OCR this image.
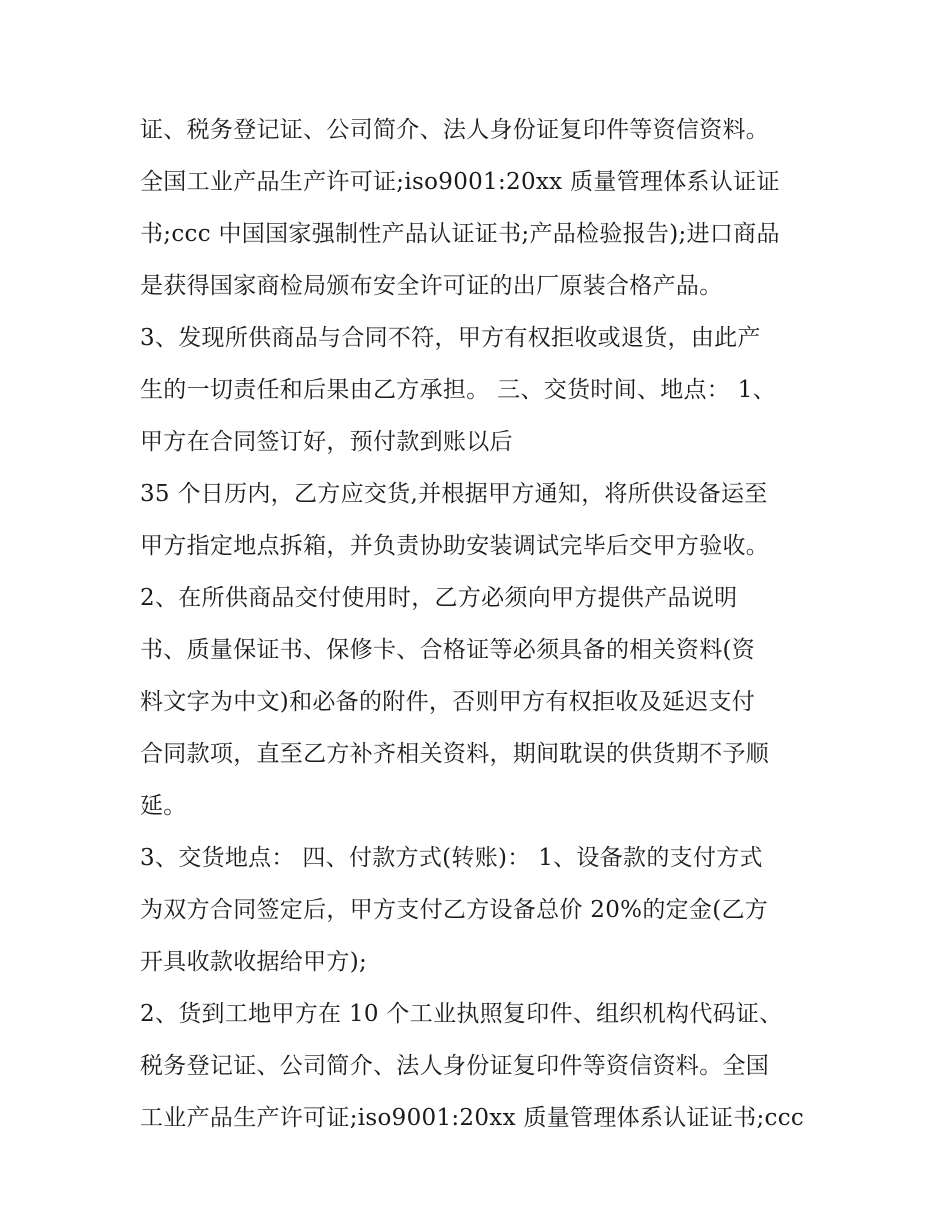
证、税务登记证、公司简介、法人身份证复印件等资信资料。
全国工业产品生产许可证;iso9001:20xx 质量管理体系认证证
书;ccc 中国国家强制性产品认证证书;产品检验报告);进口商品
是获得国家商检局颁布安全许可证的出厂原装合格产品。
3、发现所供商品与合同不符，甲方有权拒收或退货，由此产
生的一切责任和后果由乙方承担。 三、交货时间、地点： 1、
甲方在合同签订好，预付款到账以后
35 个日历内，乙方应交货,并根据甲方通知，将所供设备运至
甲方指定地点拆箱，并负责协助安装调试完毕后交甲方验收。
2、在所供商品交付使用时，乙方必须向甲方提供产品说明
书、质量保证书、保修卡、合格证等必须具备的相关资料(资
料文字为中文)和必备的附件，否则甲方有权拒收及延迟支付
合同款项，直至乙方补齐相关资料，期间耽误的供货期不予顺
延。
3、交货地点： 四、付款方式(转账)： 1、设备款的支付方式
为双方合同签定后，甲方支付乙方设备总价 20%的定金(乙方
开具收款收据给甲方);
2、货到工地甲方在 10 个工业执照复印件、组织机构代码证、
税务登记证、公司简介、法人身份证复印件等资信资料。全国
工业产品生产许可证;iso9001:20xx 质量管理体系认证证书;ccc
